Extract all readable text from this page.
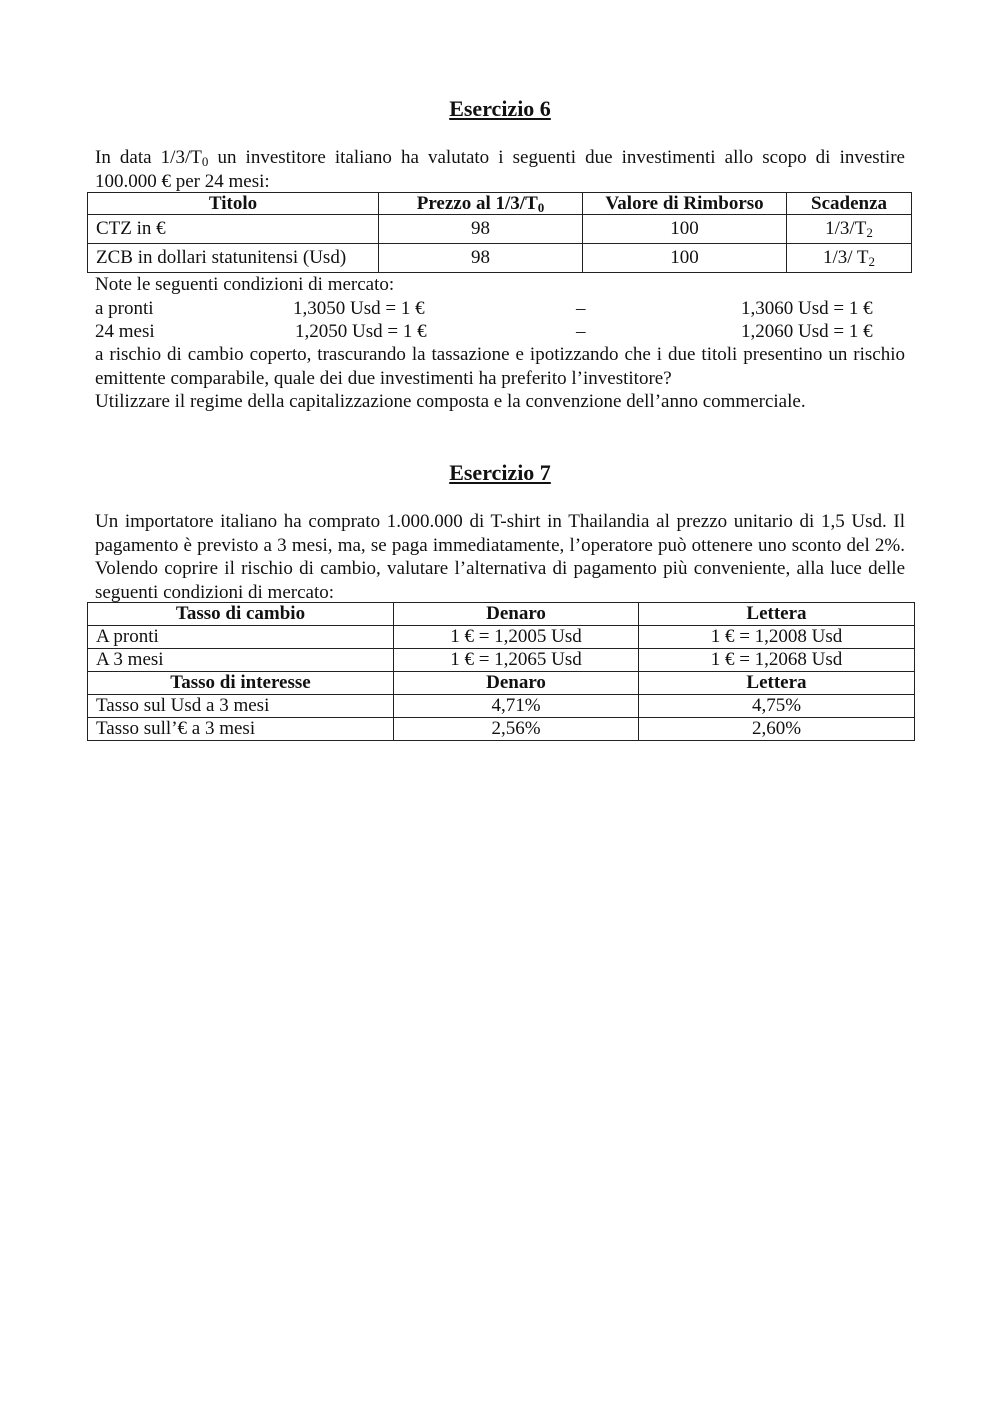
Esercizio 6
In data $1/3/T_0$ un investitore italiano ha valutato i seguenti due investimenti allo scopo di investire 100.000 € per 24 mesi:
Titolo	Prezzo al $1/3/T_0$	Valore di Rimborso	Scadenza
CTZ in €	98	100	$1/3/T_2$
ZCB in dollari statunitensi (Usd)	98	100	1/3/ $T_2$
Note le seguenti condizioni di mercato:
a pronti	1,3050 Usd = 1 €	–	1,3060 Usd = 1 €
24 mesi	1,2050 Usd = 1 €	–	1,2060 Usd = 1 €
a rischio di cambio coperto, trascurando la tassazione e ipotizzando che i due titoli presentino un rischio emittente comparabile, quale dei due investimenti ha preferito l’investitore?
Utilizzare il regime della capitalizzazione composta e la convenzione dell’anno commerciale.
Esercizio 7
Un importatore italiano ha comprato 1.000.000 di T-shirt in Thailandia al prezzo unitario di 1,5 Usd. Il pagamento è previsto a 3 mesi, ma, se paga immediatamente, l’operatore può ottenere uno sconto del 2%. Volendo coprire il rischio di cambio, valutare l’alternativa di pagamento più conveniente, alla luce delle seguenti condizioni di mercato:
Tasso di cambio	Denaro	Lettera
A pronti	1 € = 1,2005 Usd	1 € = 1,2008 Usd
A 3 mesi	1 € = 1,2065 Usd	1 € = 1,2068 Usd
Tasso di interesse	Denaro	Lettera
Tasso sul Usd a 3 mesi	4,71%	4,75%
Tasso sull’€ a 3 mesi	2,56%	2,60%
